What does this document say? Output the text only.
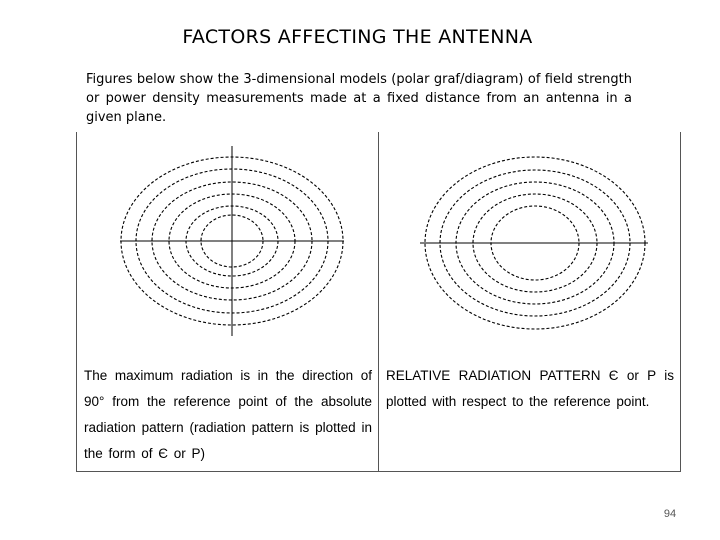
FACTORS AFFECTING THE ANTENNA
Figures below show the 3-dimensional models (polar graf/diagram) of field strength or power density measurements made at a fixed distance from an antenna in a given plane.
The maximum radiation is in the direction of 90° from the reference point of the absolute radiation pattern (radiation pattern is plotted in the form of Є or P)
RELATIVE RADIATION PATTERN Є or P is plotted with respect to the reference point.
94
